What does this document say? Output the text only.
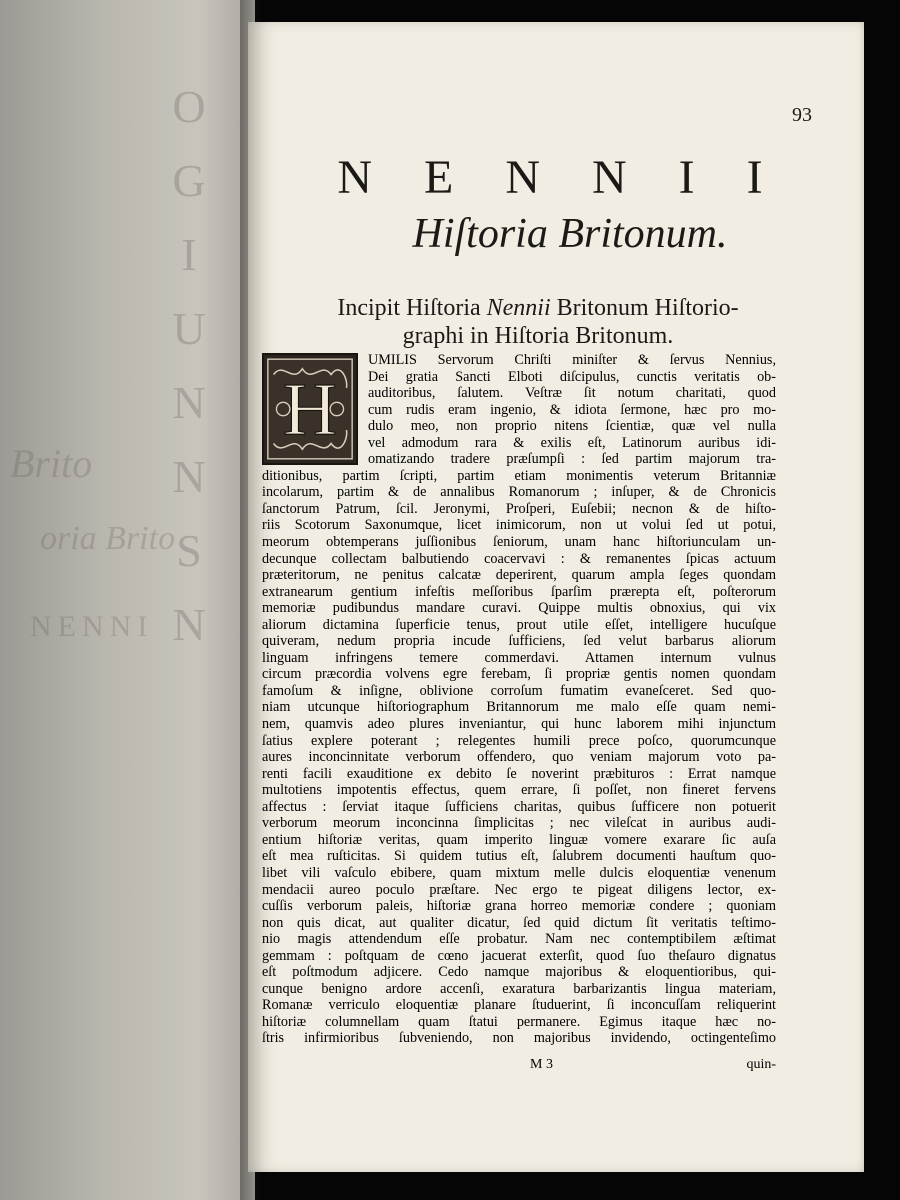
O
G
I
U
N
N
S
N
Brito
oria Brito
NENNI
93
NENNII
Hiſtoria Britonum.
Incipit Hiſtoria Nennii Britonum Hiſtorio-
graphi in Hiſtoria Britonum.
H
UMILIS Servorum Chriſti miniſter & ſervus Nennius,
Dei gratia Sancti Elboti diſcipulus, cunctis veritatis ob-
auditoribus, ſalutem. Veſtræ ſit notum charitati, quod
cum rudis eram ingenio, & idiota ſermone, hæc pro mo-
dulo meo, non proprio nitens ſcientiæ, quæ vel nulla
vel admodum rara & exilis eſt, Latinorum auribus idi-
omatizando tradere præſumpſi : ſed partim majorum tra-
ditionibus, partim ſcripti, partim etiam monimentis veterum Britanniæ
incolarum, partim & de annalibus Romanorum ; inſuper, & de Chronicis
ſanctorum Patrum, ſcil. Jeronymi, Proſperi, Euſebii; necnon & de hiſto-
riis Scotorum Saxonumque, licet inimicorum, non ut volui ſed ut potui,
meorum obtemperans juſſionibus ſeniorum, unam hanc hiſtoriunculam un-
decunque collectam balbutiendo coacervavi : & remanentes ſpicas actuum
præteritorum, ne penitus calcatæ deperirent, quarum ampla ſeges quondam
extranearum gentium infeſtis meſſoribus ſparſim prærepta eſt, poſterorum
memoriæ pudibundus mandare curavi. Quippe multis obnoxius, qui vix
aliorum dictamina ſuperficie tenus, prout utile eſſet, intelligere hucuſque
quiveram, nedum propria incude ſufficiens, ſed velut barbarus aliorum
linguam infringens temere commerdavi. Attamen internum vulnus
circum præcordia volvens egre ferebam, ſi propriæ gentis nomen quondam
famoſum & inſigne, oblivione corroſum fumatim evaneſceret. Sed quo-
niam utcunque hiſtoriographum Britannorum me malo eſſe quam nemi-
nem, quamvis adeo plures inveniantur, qui hunc laborem mihi injunctum
ſatius explere poterant ; relegentes humili prece poſco, quorumcunque
aures inconcinnitate verborum offendero, quo veniam majorum voto pa-
renti facili exauditione ex debito ſe noverint præbituros : Errat namque
multotiens impotentis effectus, quem errare, ſi poſſet, non fineret fervens
affectus : ſerviat itaque ſufficiens charitas, quibus ſufficere non potuerit
verborum meorum inconcinna ſimplicitas ; nec vileſcat in auribus audi-
entium hiſtoriæ veritas, quam imperito linguæ vomere exarare ſic auſa
eſt mea ruſticitas. Si quidem tutius eſt, ſalubrem documenti hauſtum quo-
libet vili vaſculo ebibere, quam mixtum melle dulcis eloquentiæ venenum
mendacii aureo poculo præſtare. Nec ergo te pigeat diligens lector, ex-
cuſſis verborum paleis, hiſtoriæ grana horreo memoriæ condere ; quoniam
non quis dicat, aut qualiter dicatur, ſed quid dictum ſit veritatis teſtimo-
nio magis attendendum eſſe probatur. Nam nec contemptibilem æſtimat
gemmam : poſtquam de cœno jacuerat exterſit, quod ſuo theſauro dignatus
eſt poſtmodum adjicere. Cedo namque majoribus & eloquentioribus, qui-
cunque benigno ardore accenſi, exaratura barbarizantis lingua materiam,
Romanæ verriculo eloquentiæ planare ſtuduerint, ſi inconcuſſam reliquerint
hiſtoriæ columnellam quam ſtatui permanere. Egimus itaque hæc no-
ſtris infirmioribus ſubveniendo, non majoribus invidendo, octingenteſimo
M 3	quin-
